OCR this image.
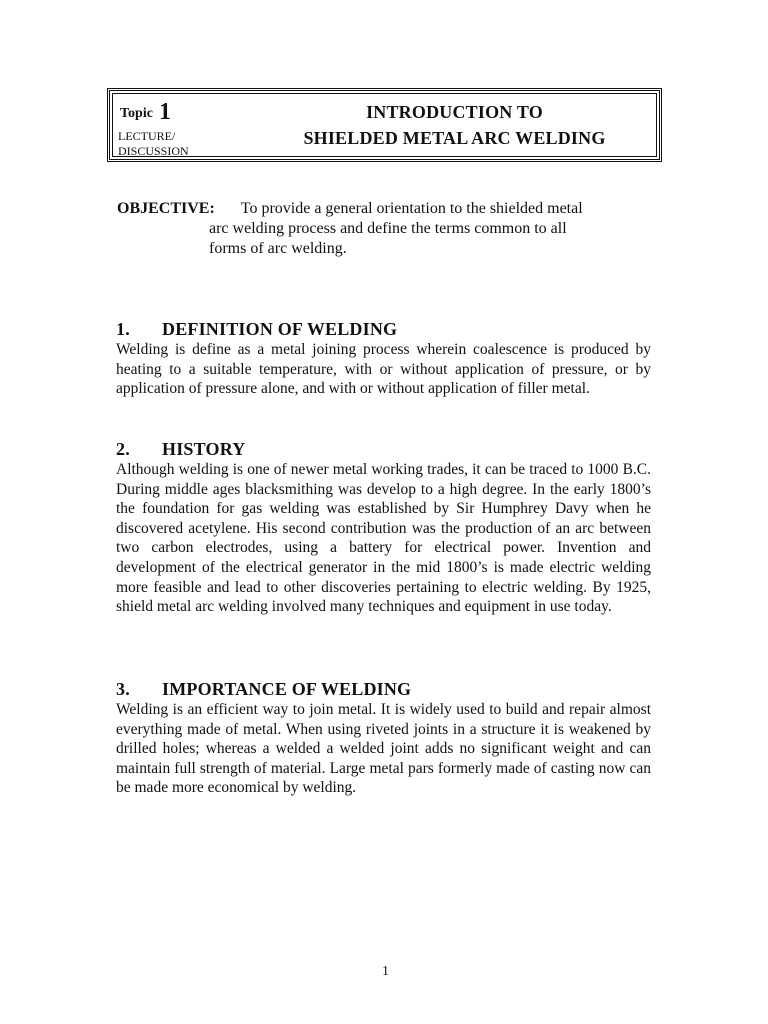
Topic 1
LECTURE/
DISCUSSION
INTRODUCTION TO
SHIELDED METAL ARC WELDING
OBJECTIVE: To provide a general orientation to the shielded metal
arc welding process and define the terms common to all
forms of arc welding.
1. DEFINITION OF WELDING

Welding is define as a metal joining process wherein coalescence is produced by heating to a suitable temperature, with or without application of pressure, or by application of pressure alone, and with or without application of filler metal.

2. HISTORY

Although welding is one of newer metal working trades, it can be traced to 1000 B.C. During middle ages blacksmithing was develop to a high degree. In the early 1800’s the foundation for gas welding was established by Sir Humphrey Davy when he discovered acetylene. His second contribution was the production of an arc between two carbon electrodes, using a battery for electrical power. Invention and development of the electrical generator in the mid 1800’s is made electric welding more feasible and lead to other discoveries pertaining to electric welding. By 1925, shield metal arc welding involved many techniques and equipment in use today.

3. IMPORTANCE OF WELDING

Welding is an efficient way to join metal. It is widely used to build and repair almost everything made of metal. When using riveted joints in a structure it is weakened by drilled holes; whereas a welded a welded joint adds no significant weight and can maintain full strength of material. Large metal pars formerly made of casting now can be made more economical by welding.

1
